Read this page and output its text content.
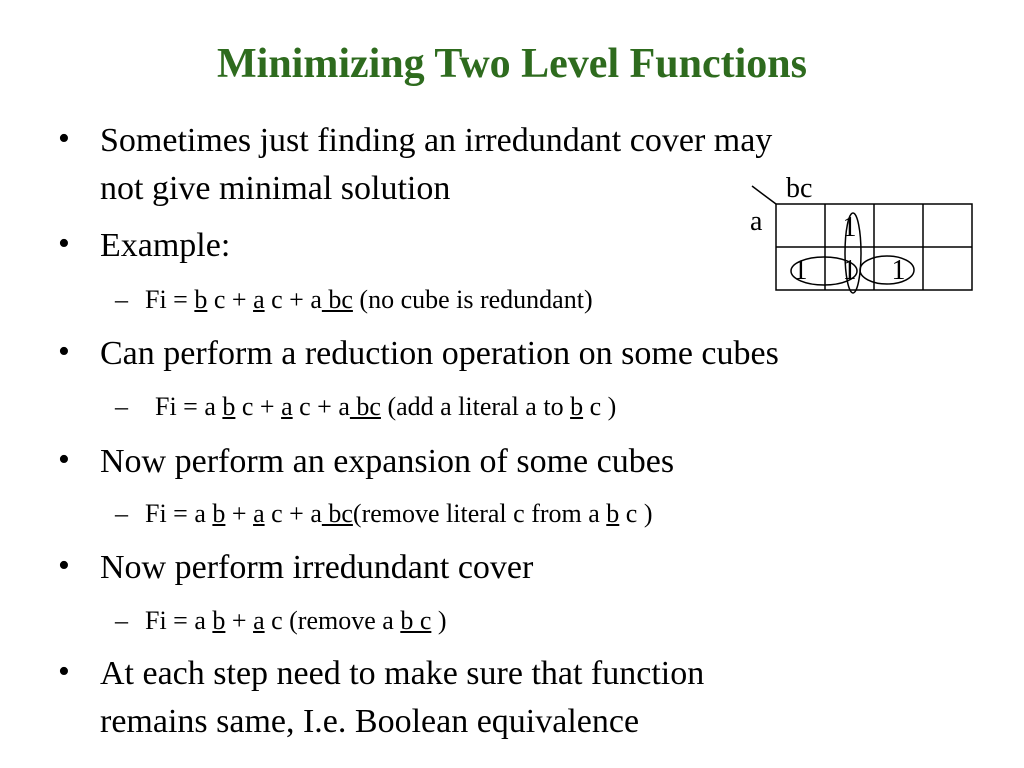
Minimizing Two Level Functions
• Sometimes just finding an irredundant cover may
not give minimal solution
• Example:
– Fi = b c + a c + a bc (no cube is redundant)
• Can perform a reduction operation on some cubes
– Fi = a b c + a c + a bc (add a literal a to b c )
• Now perform an expansion of some cubes
– Fi = a b + a c + a bc(remove literal c from a b c )
• Now perform irredundant cover
– Fi = a b + a c (remove a b c )
• At each step need to make sure that function
remains same, I.e. Boolean equivalence
bc
a	1
1 1 1
